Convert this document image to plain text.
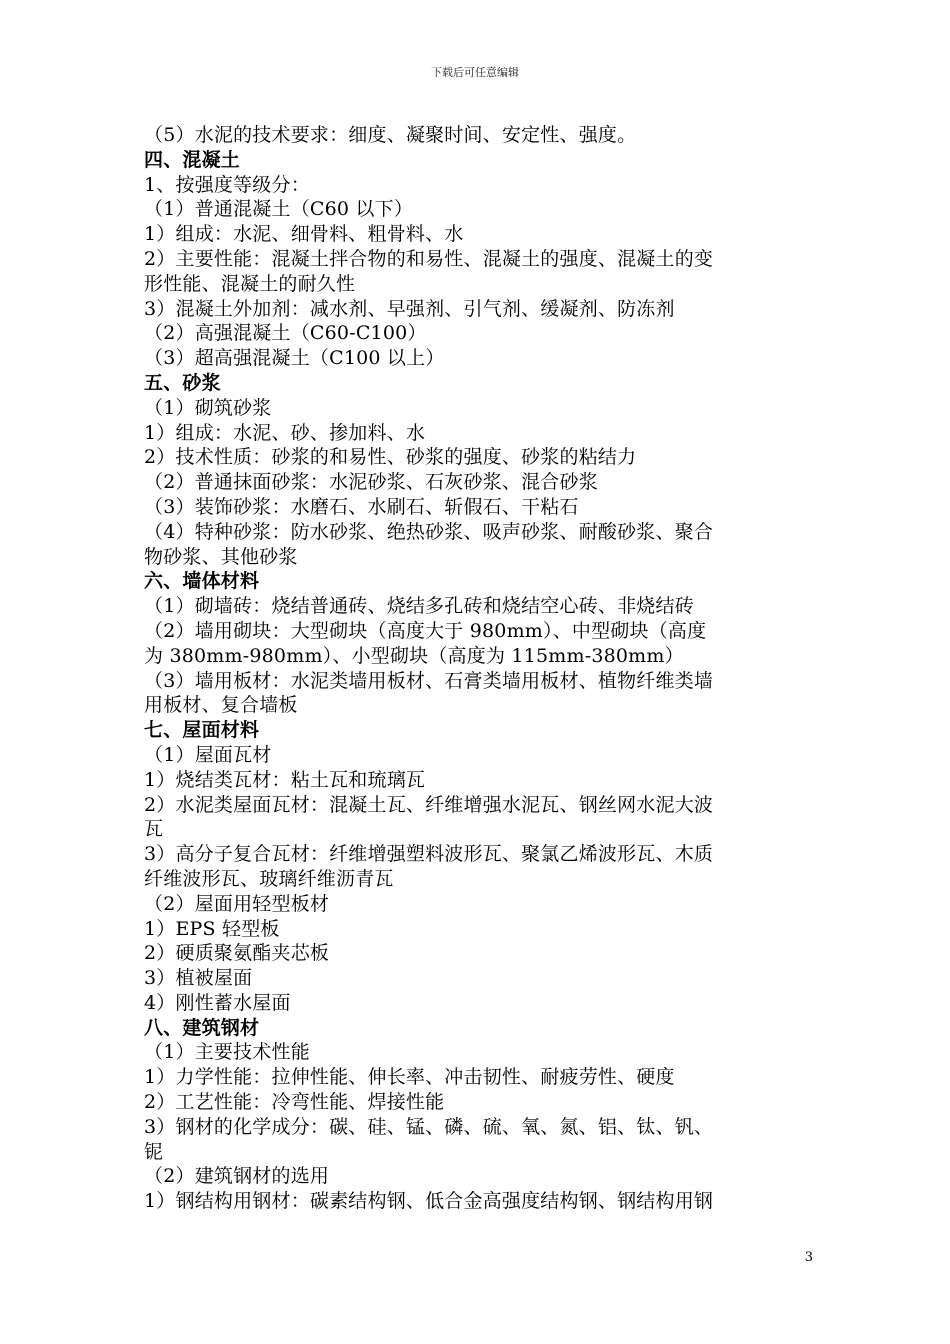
下载后可任意编辑
（5）水泥的技术要求：细度、凝聚时间、安定性、强度。
四、混凝土
1、按强度等级分：
（1）普通混凝土（C60 以下）
1）组成：水泥、细骨料、粗骨料、水
2）主要性能：混凝土拌合物的和易性、混凝土的强度、混凝土的变
形性能、混凝土的耐久性
3）混凝土外加剂：减水剂、早强剂、引气剂、缓凝剂、防冻剂
（2）高强混凝土（C60-C100）
（3）超高强混凝土（C100 以上）
五、砂浆
（1）砌筑砂浆
1）组成：水泥、砂、掺加料、水
2）技术性质：砂浆的和易性、砂浆的强度、砂浆的粘结力
（2）普通抹面砂浆：水泥砂浆、石灰砂浆、混合砂浆
（3）装饰砂浆：水磨石、水刷石、斩假石、干粘石
（4）特种砂浆：防水砂浆、绝热砂浆、吸声砂浆、耐酸砂浆、聚合
物砂浆、其他砂浆
六、墙体材料
（1）砌墙砖：烧结普通砖、烧结多孔砖和烧结空心砖、非烧结砖
（2）墙用砌块：大型砌块（高度大于 980mm）、中型砌块（高度
为 380mm-980mm）、小型砌块（高度为 115mm-380mm）
（3）墙用板材：水泥类墙用板材、石膏类墙用板材、植物纤维类墙
用板材、复合墙板
七、屋面材料
（1）屋面瓦材
1）烧结类瓦材：粘土瓦和琉璃瓦
2）水泥类屋面瓦材：混凝土瓦、纤维增强水泥瓦、钢丝网水泥大波
瓦
3）高分子复合瓦材：纤维增强塑料波形瓦、聚氯乙烯波形瓦、木质
纤维波形瓦、玻璃纤维沥青瓦
（2）屋面用轻型板材
1）EPS 轻型板
2）硬质聚氨酯夹芯板
3）植被屋面
4）刚性蓄水屋面
八、建筑钢材
（1）主要技术性能
1）力学性能：拉伸性能、伸长率、冲击韧性、耐疲劳性、硬度
2）工艺性能：冷弯性能、焊接性能
3）钢材的化学成分：碳、硅、锰、磷、硫、氧、氮、铝、钛、钒、
铌
（2）建筑钢材的选用
1）钢结构用钢材：碳素结构钢、低合金高强度结构钢、钢结构用钢
3
